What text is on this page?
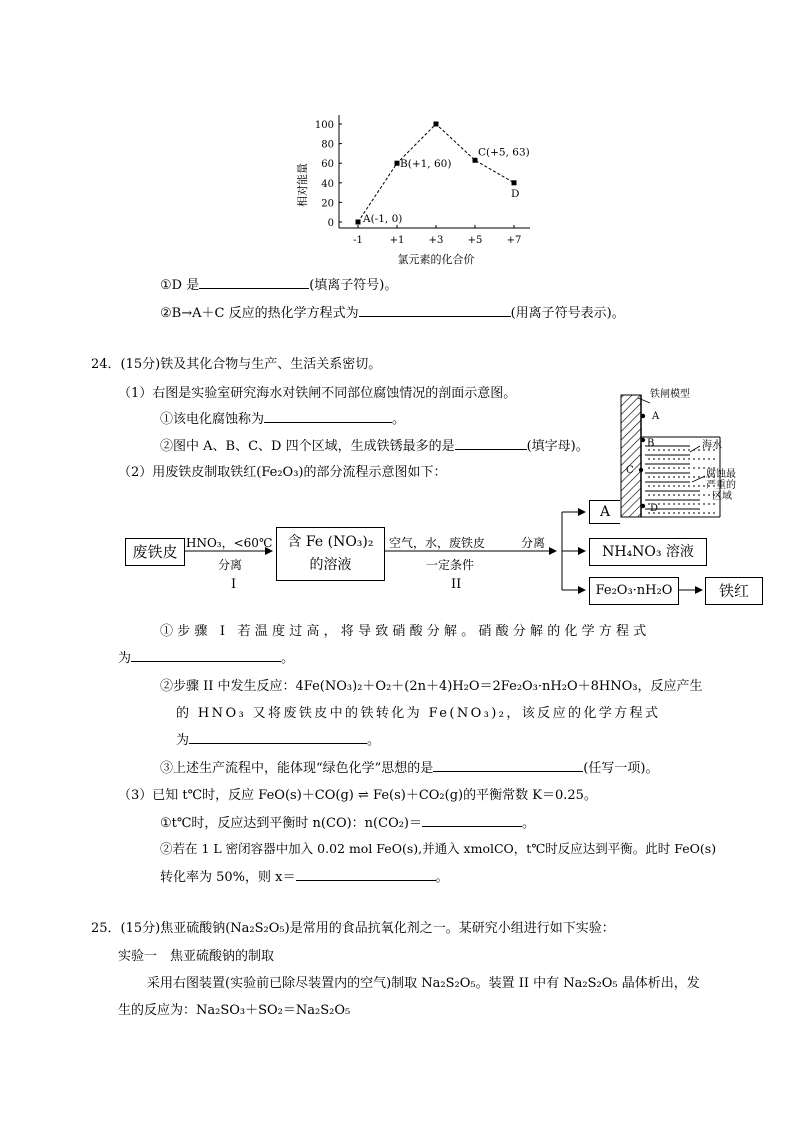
相对能量
0
20
40
60
80
100
-1	+1 +3 +5 +7
A(-1, 0)
B(+1, 60)
C(+5, 63)
D
氯元素的化合价
①D 是	(填离子符号)。
②B→A＋C 反应的热化学方程式为	(用离子符号表示)。
24．(15分)铁及其化合物与生产、生活关系密切。
（1）右图是实验室研究海水对铁闸不同部位腐蚀情况的剖面示意图。
①该电化腐蚀称为	。
②图中 A、B、C、D 四个区域，生成铁锈最多的是	(填字母)。
（2）用废铁皮制取铁红(Fe₂O₃)的部分流程示意图如下：
A
B
C
D
铁闸模型
海水
腐蚀最
严重的
区域
废铁皮 HNO₃，<60℃
分离
I
含 Fe (NO₃)₂
的溶液
空气，水，废铁皮
一定条件
II
分离
A
NH₄NO₃ 溶液
Fe₂O₃·nH₂O	铁红
①步骤 I 若温度过高，将导致硝酸分解。硝酸分解的化学方程式
为	。
②步骤 II 中发生反应：4Fe(NO₃)₂＋O₂＋(2n＋4)H₂O＝2Fe₂O₃·nH₂O＋8HNO₃，反应产生
的 HNO₃ 又将废铁皮中的铁转化为 Fe(NO₃)₂，该反应的化学方程式
为	。
③上述生产流程中，能体现“绿色化学”思想的是	(任写一项)。
（3）已知 t℃时，反应 FeO(s)＋CO(g) ⇌ Fe(s)＋CO₂(g)的平衡常数 K＝0.25。
①t℃时，反应达到平衡时 n(CO)：n(CO₂)＝	。
②若在 1 L 密闭容器中加入 0.02 mol FeO(s),并通入 xmolCO，t℃时反应达到平衡。此时 FeO(s)
转化率为 50%，则 x＝	。
25．(15分)焦亚硫酸钠(Na₂S₂O₅)是常用的食品抗氧化剂之一。某研究小组进行如下实验：
实验一　焦亚硫酸钠的制取
采用右图装置(实验前已除尽装置内的空气)制取 Na₂S₂O₅。装置 II 中有 Na₂S₂O₅ 晶体析出，发
生的反应为：Na₂SO₃＋SO₂＝Na₂S₂O₅
